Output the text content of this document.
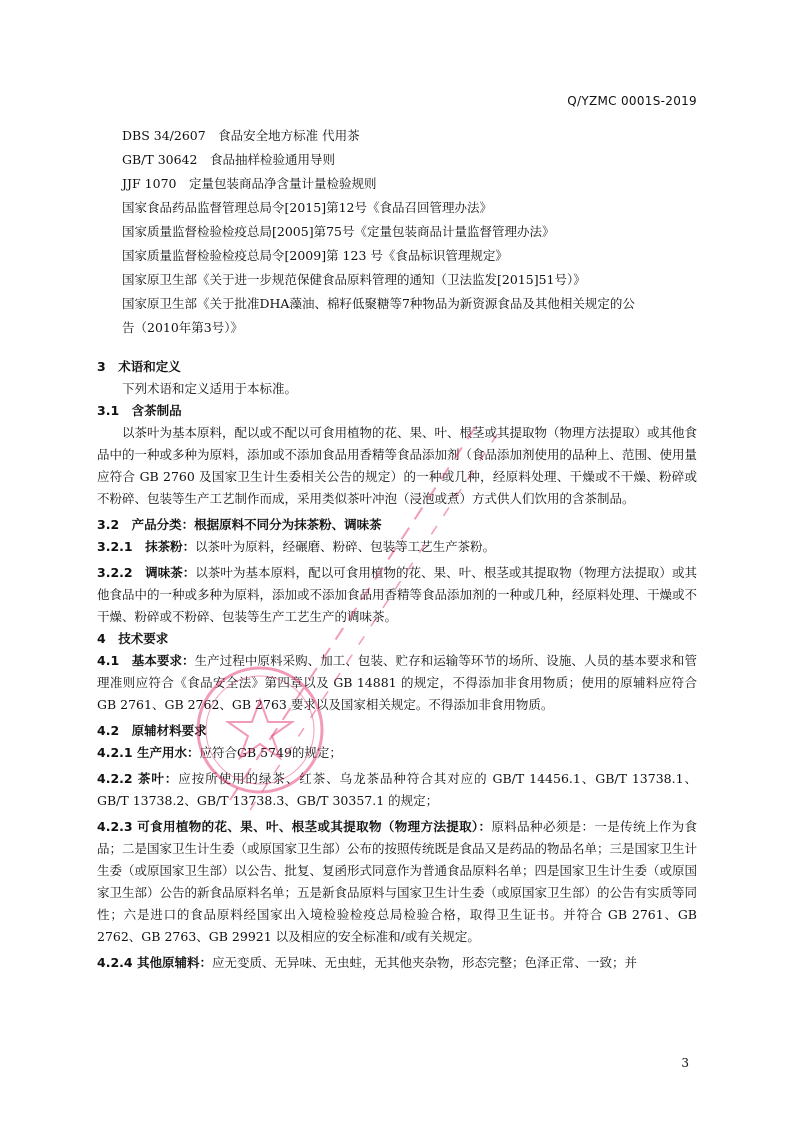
Q/YZMC 0001S-2019
DBS 34/2607　食品安全地方标准 代用茶
GB/T 30642　食品抽样检验通用导则
JJF 1070　定量包装商品净含量计量检验规则
国家食品药品监督管理总局令[2015]第12号《食品召回管理办法》
国家质量监督检验检疫总局[2005]第75号《定量包装商品计量监督管理办法》
国家质量监督检验检疫总局令[2009]第 123 号《食品标识管理规定》
国家原卫生部《关于进一步规范保健食品原料管理的通知（卫法监发[2015]51号）》
国家原卫生部《关于批准DHA藻油、棉籽低聚糖等7种物品为新资源食品及其他相关规定的公
告（2010年第3号）》
3　术语和定义
下列术语和定义适用于本标准。
3.1　含茶制品
以茶叶为基本原料，配以或不配以可食用植物的花、果、叶、根茎或其提取物（物理方法提取）或其他食品中的一种或多种为原料，添加或不添加食品用香精等食品添加剂（食品添加剂使用的品种上、范围、使用量应符合 GB 2760 及国家卫生计生委相关公告的规定）的一种或几种，经原料处理、干燥或不干燥、粉碎或不粉碎、包装等生产工艺制作而成，采用类似茶叶冲泡（浸泡或煮）方式供人们饮用的含茶制品。
3.2　产品分类：根据原料不同分为抹茶粉、调味茶
3.2.1　抹茶粉：以茶叶为原料，经碾磨、粉碎、包装等工艺生产茶粉。
3.2.2　调味茶：以茶叶为基本原料，配以可食用植物的花、果、叶、根茎或其提取物（物理方法提取）或其他食品中的一种或多种为原料，添加或不添加食品用香精等食品添加剂的一种或几种，经原料处理、干燥或不干燥、粉碎或不粉碎、包装等生产工艺生产的调味茶。
4　技术要求
4.1　基本要求：生产过程中原料采购、加工、包装、贮存和运输等环节的场所、设施、人员的基本要求和管理准则应符合《食品安全法》第四章以及 GB 14881 的规定，不得添加非食用物质；使用的原辅料应符合 GB 2761、GB 2762、GB 2763 要求以及国家相关规定。不得添加非食用物质。
4.2　原辅材料要求
4.2.1 生产用水：应符合GB 5749的规定；
4.2.2 茶叶：应按所使用的绿茶、红茶、乌龙茶品种符合其对应的 GB/T 14456.1、GB/T 13738.1、GB/T 13738.2、GB/T 13738.3、GB/T 30357.1 的规定；
4.2.3 可食用植物的花、果、叶、根茎或其提取物（物理方法提取）：原料品种必须是：一是传统上作为食品；二是国家卫生计生委（或原国家卫生部）公布的按照传统既是食品又是药品的物品名单；三是国家卫生计生委（或原国家卫生部）以公告、批复、复函形式同意作为普通食品原料名单；四是国家卫生计生委（或原国家卫生部）公告的新食品原料名单；五是新食品原料与国家卫生计生委（或原国家卫生部）的公告有实质等同性；六是进口的食品原料经国家出入境检验检疫总局检验合格，取得卫生证书。并符合 GB 2761、GB 2762、GB 2763、GB 29921 以及相应的安全标准和/或有关规定。
4.2.4 其他原辅料：应无变质、无异味、无虫蛀，无其他夹杂物，形态完整；色泽正常、一致；并
3
